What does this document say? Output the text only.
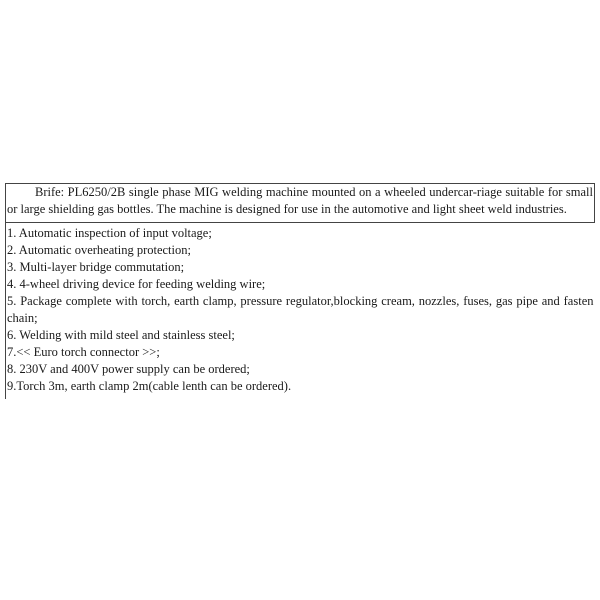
Brife: PL6250/2B single phase MIG welding machine mounted on a wheeled undercar-riage suitable for small or large shielding gas bottles. The machine is designed for use in the automotive and light sheet weld industries.

1. Automatic inspection of input voltage;
2. Automatic overheating protection;
3. Multi-layer bridge commutation;
4. 4-wheel driving device for feeding welding wire;
5. Package complete with torch, earth clamp, pressure regulator,blocking cream, nozzles, fuses, gas pipe and fasten chain;
6. Welding with mild steel and stainless steel;
7.<< Euro torch connector >>;
8. 230V and 400V power supply can be ordered;
9.Torch 3m, earth clamp 2m(cable lenth can be ordered).
